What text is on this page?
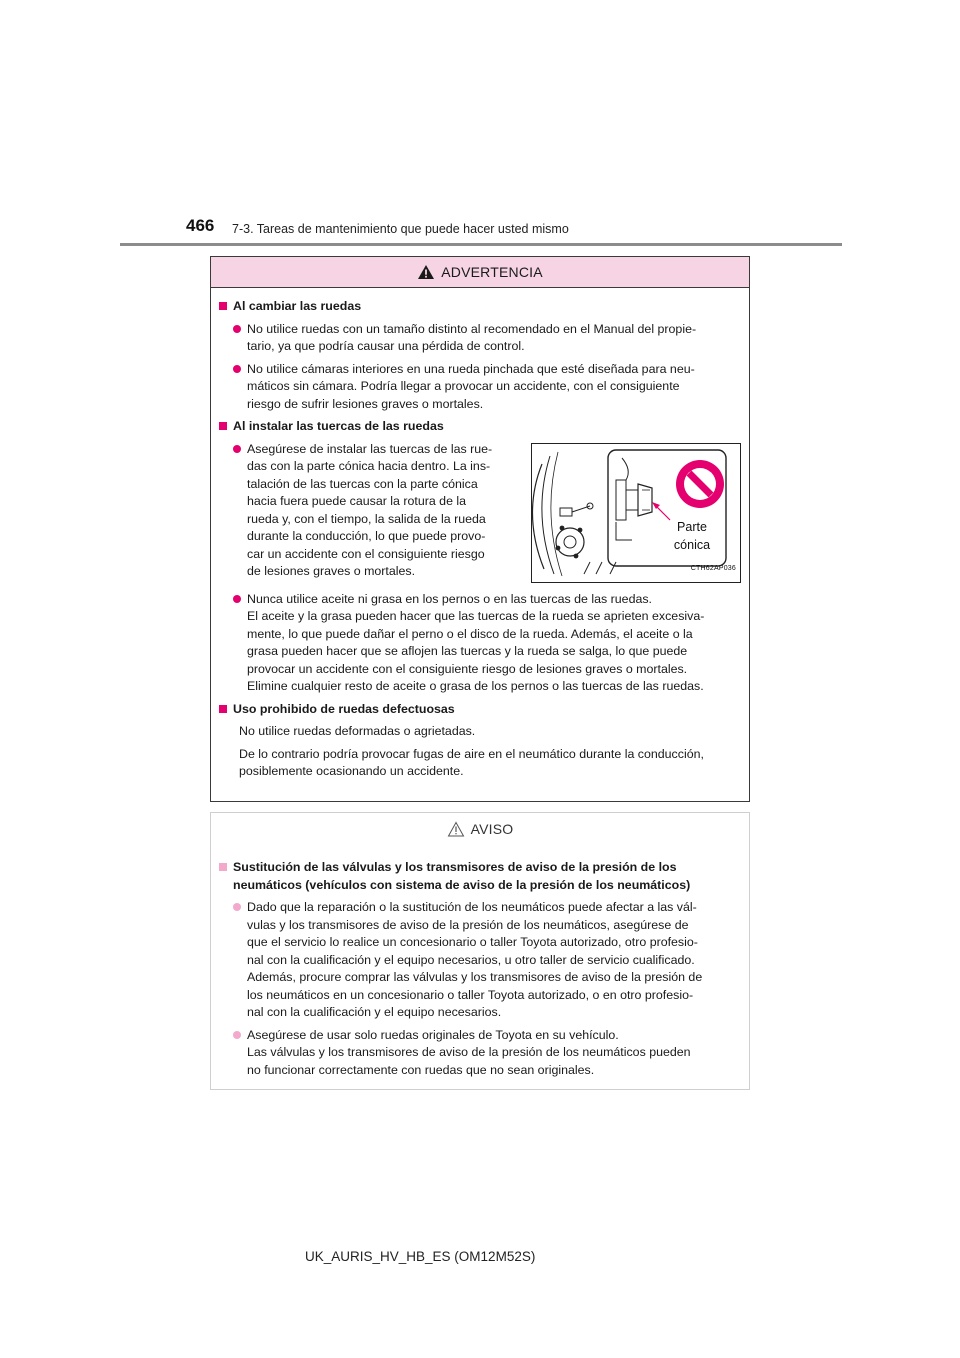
466 7-3. Tareas de mantenimiento que puede hacer usted mismo
ADVERTENCIA
Al cambiar las ruedas
No utilice ruedas con un tamaño distinto al recomendado en el Manual del propie-
tario, ya que podría causar una pérdida de control.
No utilice cámaras interiores en una rueda pinchada que esté diseñada para neu-
máticos sin cámara. Podría llegar a provocar un accidente, con el consiguiente
riesgo de sufrir lesiones graves o mortales.
Al instalar las tuercas de las ruedas
Asegúrese de instalar las tuercas de las rue-
das con la parte cónica hacia dentro. La ins-
talación de las tuercas con la parte cónica
hacia fuera puede causar la rotura de la
rueda y, con el tiempo, la salida de la rueda
durante la conducción, lo que puede provo-
car un accidente con el consiguiente riesgo
de lesiones graves o mortales.
Parte
cónica
CTH62AP036
Nunca utilice aceite ni grasa en los pernos o en las tuercas de las ruedas.
El aceite y la grasa pueden hacer que las tuercas de la rueda se aprieten excesiva-
mente, lo que puede dañar el perno o el disco de la rueda. Además, el aceite o la
grasa pueden hacer que se aflojen las tuercas y la rueda se salga, lo que puede
provocar un accidente con el consiguiente riesgo de lesiones graves o mortales.
Elimine cualquier resto de aceite o grasa de los pernos o las tuercas de las ruedas.
Uso prohibido de ruedas defectuosas
No utilice ruedas deformadas o agrietadas.
De lo contrario podría provocar fugas de aire en el neumático durante la conducción,
posiblemente ocasionando un accidente.
AVISO
Sustitución de las válvulas y los transmisores de aviso de la presión de los
neumáticos (vehículos con sistema de aviso de la presión de los neumáticos)
Dado que la reparación o la sustitución de los neumáticos puede afectar a las vál-
vulas y los transmisores de aviso de la presión de los neumáticos, asegúrese de
que el servicio lo realice un concesionario o taller Toyota autorizado, otro profesio-
nal con la cualificación y el equipo necesarios, u otro taller de servicio cualificado.
Además, procure comprar las válvulas y los transmisores de aviso de la presión de
los neumáticos en un concesionario o taller Toyota autorizado, o en otro profesio-
nal con la cualificación y el equipo necesarios.
Asegúrese de usar solo ruedas originales de Toyota en su vehículo.
Las válvulas y los transmisores de aviso de la presión de los neumáticos pueden
no funcionar correctamente con ruedas que no sean originales.
UK_AURIS_HV_HB_ES (OM12M52S)
